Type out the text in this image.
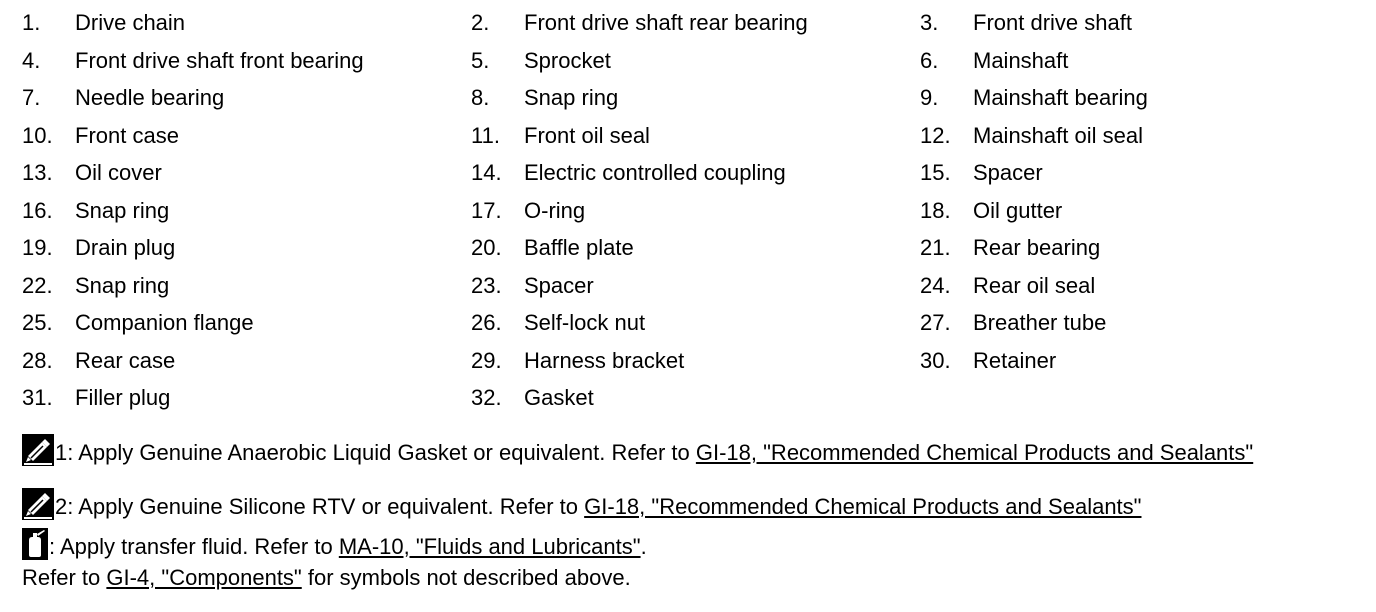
1. Drive chain	2. Front drive shaft rear bearing	3. Front drive shaft
4. Front drive shaft front bearing	5. Sprocket	6. Mainshaft
7. Needle bearing	8. Snap ring	9. Mainshaft bearing
10. Front case	11. Front oil seal	12. Mainshaft oil seal
13. Oil cover	14. Electric controlled coupling	15. Spacer
16. Snap ring	17. O-ring	18. Oil gutter
19. Drain plug	20. Baffle plate	21. Rear bearing
22. Snap ring	23. Spacer	24. Rear oil seal
25. Companion flange	26. Self-lock nut	27. Breather tube
28. Rear case	29. Harness bracket	30. Retainer
31. Filler plug	32. Gasket
1 : Apply Genuine Anaerobic Liquid Gasket or equivalent. Refer to GI-18, "Recommended Chemical Products and Sealants"
2 : Apply Genuine Silicone RTV or equivalent. Refer to GI-18, "Recommended Chemical Products and Sealants"
: Apply transfer fluid. Refer to MA-10, "Fluids and Lubricants" .
Refer to GI-4, "Components" for symbols not described above.
